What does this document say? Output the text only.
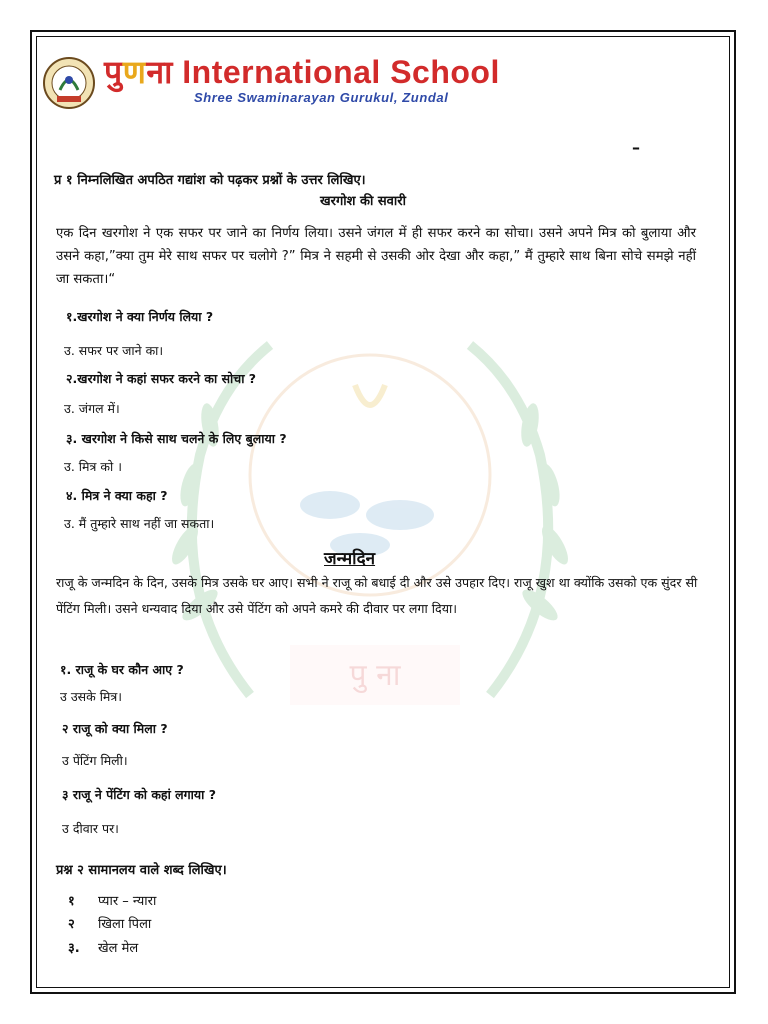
पु ना
पुणना International School
Shree Swaminarayan Gurukul, Zundal
–
प्र १ निम्नलिखित अपठित गद्यांश को पढ़कर प्रश्नों के उत्तर लिखिए।
खरगोश की सवारी
एक दिन खरगोश ने एक सफर पर जाने का निर्णय लिया। उसने जंगल में ही सफर करने का सोचा। उसने अपने मित्र को बुलाया और उसने कहा,”क्या तुम मेरे साथ सफर पर चलोगे ?” मित्र ने सहमी से उसकी ओर देखा और कहा,” मैं तुम्हारे साथ बिना सोचे समझे नहीं जा सकता।“
१.खरगोश ने क्या निर्णय लिया ?
उ. सफर पर जाने का।
२.खरगोश ने कहां सफर करने का सोचा ?
उ. जंगल में।
३. खरगोश ने किसे साथ चलने के लिए बुलाया ?
उ. मित्र को ।
४. मित्र ने क्या कहा ?
उ. मैं तुम्हारे साथ नहीं जा सकता।
जन्मदिन
राजू के जन्मदिन के दिन, उसके मित्र उसके घर आए। सभी ने राजू को बधाई दी और उसे उपहार दिए। राजू खुश था क्योंकि उसको एक सुंदर सी पेंटिंग मिली। उसने धन्यवाद दिया और उसे पेंटिंग को अपने कमरे की दीवार पर लगा दिया।
१. राजू के घर कौन आए ?
उ उसके मित्र।
२ राजू को क्या मिला ?
उ पेंटिंग मिली।
३ राजू ने पेंटिंग को कहां लगाया ?
उ दीवार पर।
प्रश्न २ सामानलय वाले शब्द लिखिए।
१ प्यार – न्यारा
२ खिला पिला
३. खेल मेल
